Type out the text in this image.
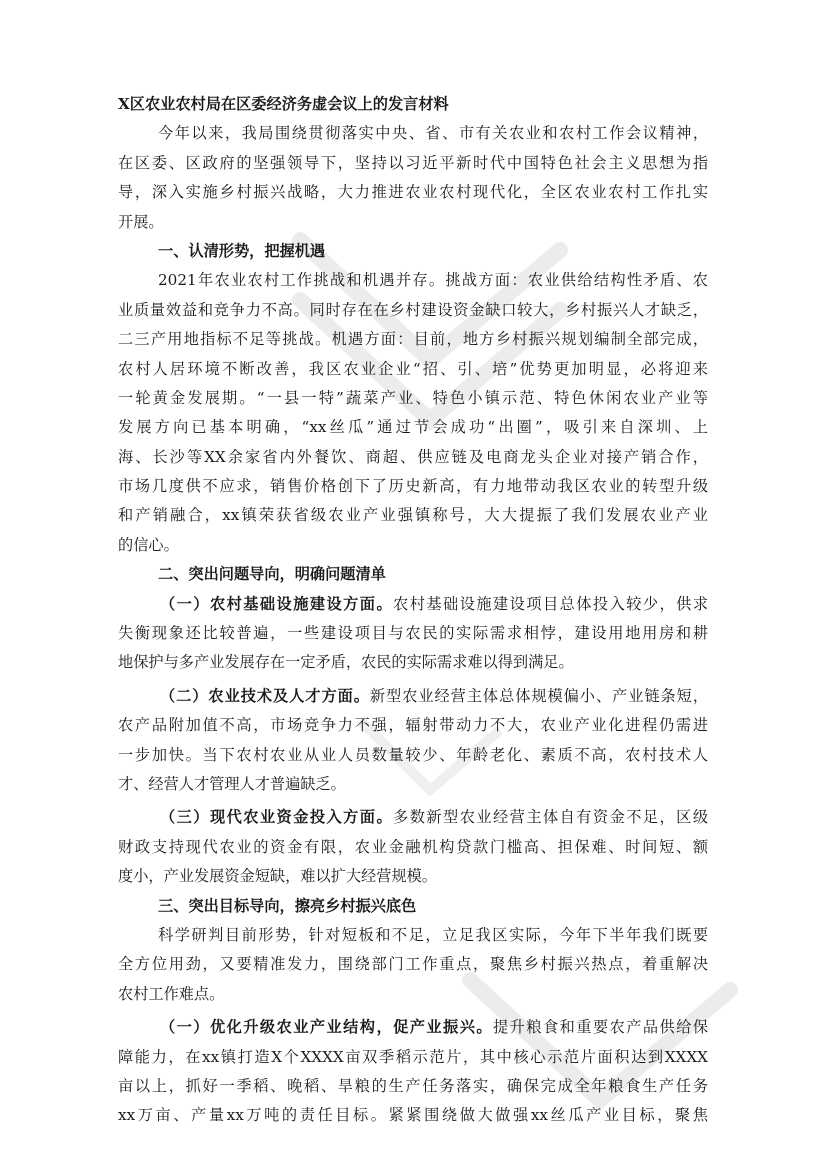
X区农业农村局在区委经济务虚会议上的发言材料
今年以来，我局围绕贯彻落实中央、省、市有关农业和农村工作会议精神，
在区委、区政府的坚强领导下，坚持以习近平新时代中国特色社会主义思想为指
导，深入实施乡村振兴战略，大力推进农业农村现代化，全区农业农村工作扎实
开展。
一、认清形势，把握机遇
2021年农业农村工作挑战和机遇并存。挑战方面：农业供给结构性矛盾、农
业质量效益和竞争力不高。同时存在在乡村建设资金缺口较大，乡村振兴人才缺乏，
二三产用地指标不足等挑战。机遇方面：目前，地方乡村振兴规划编制全部完成，
农村人居环境不断改善，我区农业企业“招、引、培”优势更加明显，必将迎来
一轮黄金发展期。“一县一特”蔬菜产业、特色小镇示范、特色休闲农业产业等
发展方向已基本明确，“xx丝瓜”通过节会成功“出圈”，吸引来自深圳、上
海、长沙等XX余家省内外餐饮、商超、供应链及电商龙头企业对接产销合作，
市场几度供不应求，销售价格创下了历史新高，有力地带动我区农业的转型升级
和产销融合，xx镇荣获省级农业产业强镇称号，大大提振了我们发展农业产业
的信心。
二、突出问题导向，明确问题清单
（一）农村基础设施建设方面。农村基础设施建设项目总体投入较少，供求
失衡现象还比较普遍，一些建设项目与农民的实际需求相悖，建设用地用房和耕
地保护与多产业发展存在一定矛盾，农民的实际需求难以得到满足。
（二）农业技术及人才方面。新型农业经营主体总体规模偏小、产业链条短，
农产品附加值不高，市场竞争力不强，辐射带动力不大，农业产业化进程仍需进
一步加快。当下农村农业从业人员数量较少、年龄老化、素质不高，农村技术人
才、经营人才管理人才普遍缺乏。
（三）现代农业资金投入方面。多数新型农业经营主体自有资金不足，区级
财政支持现代农业的资金有限，农业金融机构贷款门槛高、担保难、时间短、额
度小，产业发展资金短缺，难以扩大经营规模。
三、突出目标导向，擦亮乡村振兴底色
科学研判目前形势，针对短板和不足，立足我区实际，今年下半年我们既要
全方位用劲，又要精准发力，围绕部门工作重点，聚焦乡村振兴热点，着重解决
农村工作难点。
（一）优化升级农业产业结构，促产业振兴。提升粮食和重要农产品供给保
障能力，在xx镇打造X个XXXX亩双季稻示范片，其中核心示范片面积达到XXXX
亩以上，抓好一季稻、晚稻、旱粮的生产任务落实，确保完成全年粮食生产任务
xx万亩、产量xx万吨的责任目标。紧紧围绕做大做强xx丝瓜产业目标，聚焦
